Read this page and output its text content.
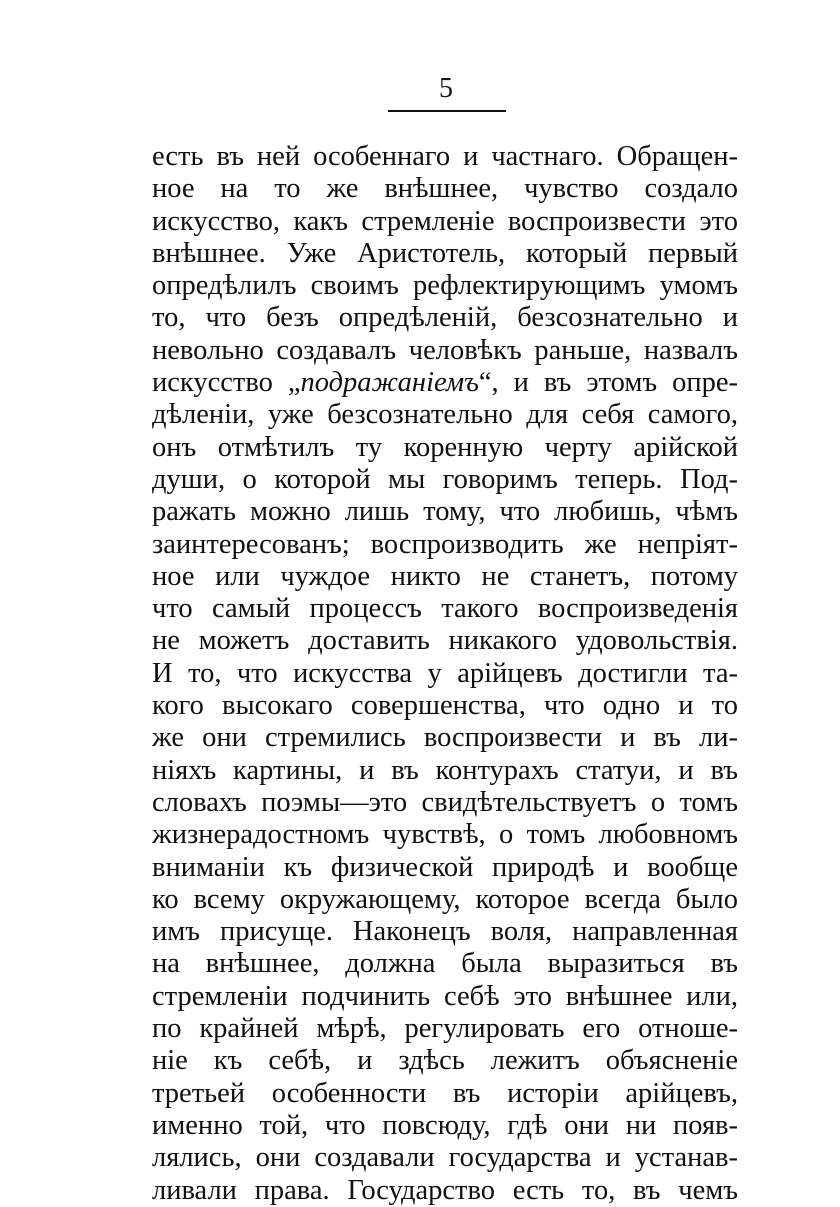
5

есть въ ней особеннаго и частнаго. Обращен-
ное на то же внѣшнее, чувство создало
искусство, какъ стремленіе воспроизвести это
внѣшнее. Уже Аристотель, который первый
опредѣлилъ своимъ рефлектирующимъ умомъ
то, что безъ опредѣленій, безсознательно и
невольно создавалъ человѣкъ раньше, назвалъ
искусство „подражаніемъ“, и въ этомъ опре-
дѣленіи, уже безсознательно для себя самого,
онъ отмѣтилъ ту коренную черту арійской
души, о которой мы говоримъ теперь. Под-
ражать можно лишь тому, что любишь, чѣмъ
заинтересованъ; воспроизводить же непріят-
ное или чуждое никто не станетъ, потому
что самый процессъ такого воспроизведенія
не можетъ доставить никакого удовольствія.
И то, что искусства у арійцевъ достигли та-
кого высокаго совершенства, что одно и то
же они стремились воспроизвести и въ ли-
ніяхъ картины, и въ контурахъ статуи, и въ
словахъ поэмы—это свидѣтельствуетъ о томъ
жизнерадостномъ чувствѣ, о томъ любовномъ
вниманіи къ физической природѣ и вообще
ко всему окружающему, которое всегда было
имъ присуще. Наконецъ воля, направленная
на внѣшнее, должна была выразиться въ
стремленіи подчинить себѣ это внѣшнее или,
по крайней мѣрѣ, регулировать его отноше-
ніе къ себѣ, и здѣсь лежитъ объясненіе
третьей особенности въ исторіи арійцевъ,
именно той, что повсюду, гдѣ они ни появ-
лялись, они создавали государства и устанав-
ливали права. Государство есть то, въ чемъ
